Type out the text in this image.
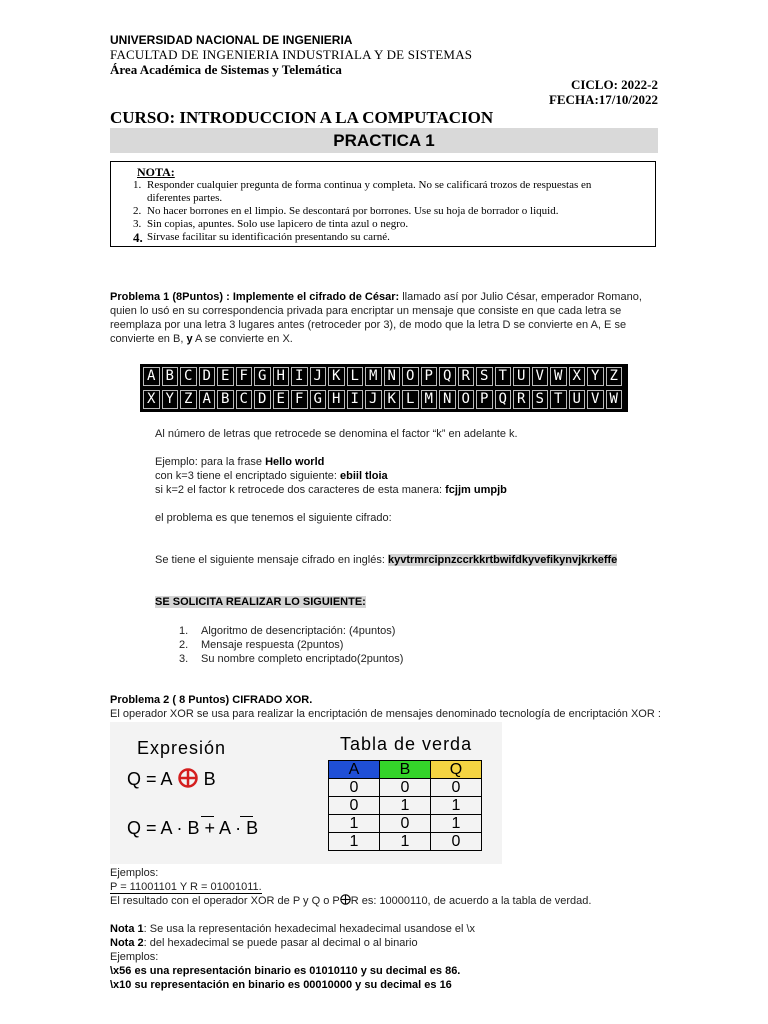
UNIVERSIDAD NACIONAL DE INGENIERIA
FACULTAD DE INGENIERIA INDUSTRIALA Y DE SISTEMAS
Área Académica de Sistemas y Telemática
CICLO: 2022-2
FECHA:17/10/2022
CURSO: INTRODUCCION A LA COMPUTACION
PRACTICA 1
NOTA:
1. Responder cualquier pregunta de forma continua y completa. No se calificará trozos de respuestas en diferentes partes.
2. No hacer borrones en el limpio. Se descontará por borrones. Use su hoja de borrador o liquid.
3. Sin copias, apuntes. Solo use lapicero de tinta azul o negro.
4. Sírvase facilitar su identificación presentando su carné.
Problema 1 (8Puntos) : Implemente el cifrado de César: llamado así por Julio César, emperador Romano, quien lo usó en su correspondencia privada para encriptar un mensaje que consiste en que cada letra se reemplaza por una letra 3 lugares antes (retroceder por 3), de modo que la letra D se convierte en A, E se convierte en B, y A se convierte en X.
A B C D E F G H I J K L M N O P Q R S T U V W X Y Z
X Y Z A B C D E F G H I J K L M N O P Q R S T U V W
Al número de letras que retrocede se denomina el factor “k” en adelante k.
Ejemplo: para la frase Hello world
con k=3 tiene el encriptado siguiente: ebiil tloia
si k=2 el factor k retrocede dos caracteres de esta manera: fcjjm umpjb
el problema es que tenemos el siguiente cifrado:
Se tiene el siguiente mensaje cifrado en inglés: kyvtrmrcipnzccrkkrtbwifdkyvefikynvjkrkeffe
SE SOLICITA REALIZAR LO SIGUIENTE:
1. Algoritmo de desencriptación: (4puntos)
2. Mensaje respuesta (2puntos)
3. Su nombre completo encriptado(2puntos)
Problema 2 ( 8 Puntos) CIFRADO XOR.
El operador XOR se usa para realizar la encriptación de mensajes denominado tecnología de encriptación XOR :
Expresión
Q = A B
Q = A · B + A · B
Tabla de verda
A	B	Q
0	0	0
0	1	1
1	0	1
1	1	0
Ejemplos:
P = 11001101 Y R = 01001011.
El resultado con el operador XOR de P y Q o P R es: 10000110, de acuerdo a la tabla de verdad.
Nota 1: Se usa la representación hexadecimal hexadecimal usandose el \x
Nota 2: del hexadecimal se puede pasar al decimal o al binario
Ejemplos:
\x56 es una representación binario es 01010110 y su decimal es 86.
\x10 su representación en binario es 00010000 y su decimal es 16
